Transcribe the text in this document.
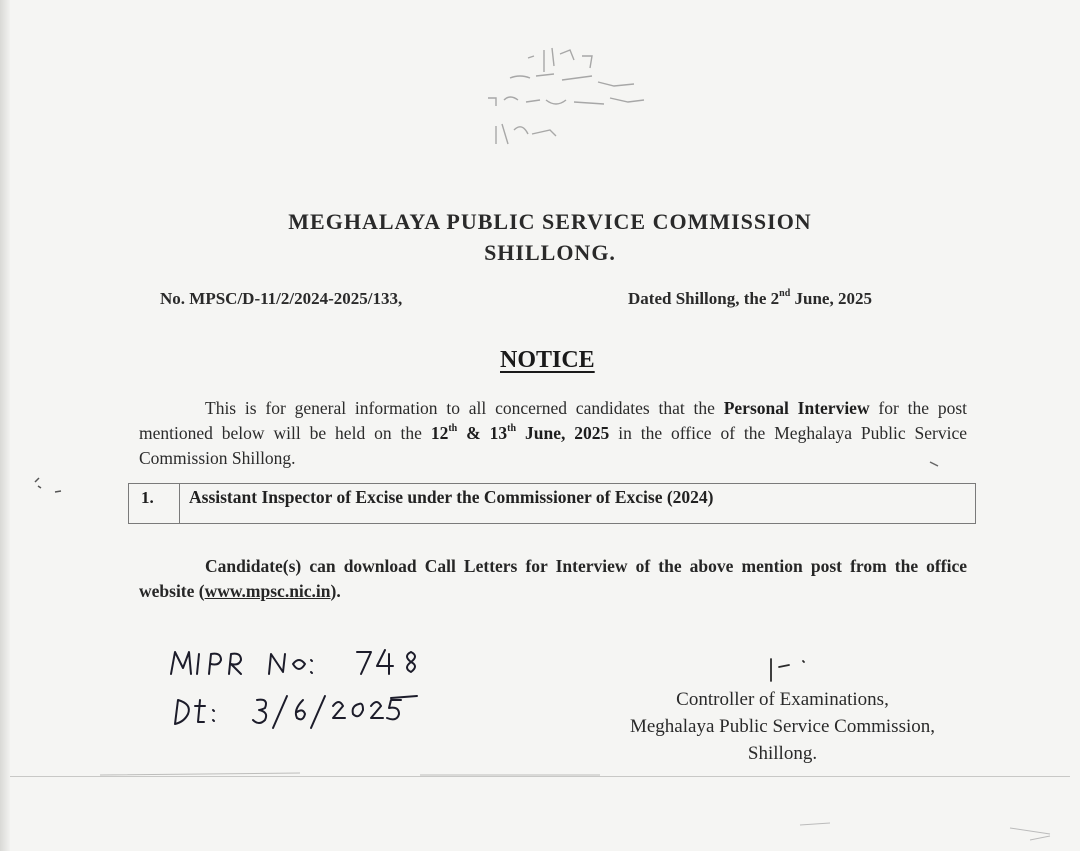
MEGHALAYA PUBLIC SERVICE COMMISSION
SHILLONG.
No. MPSC/D-11/2/2024-2025/133,	Dated Shillong, the 2nd June, 2025
NOTICE
This is for general information to all concerned candidates that the Personal Interview for the post mentioned below will be held on the 12th & 13th June, 2025 in the office of the Meghalaya Public Service Commission Shillong.
1.	Assistant Inspector of Excise under the Commissioner of Excise (2024)
Candidate(s) can download Call Letters for Interview of the above mention post from the office website (www.mpsc.nic.in).
Controller of Examinations,
Meghalaya Public Service Commission,
Shillong.
